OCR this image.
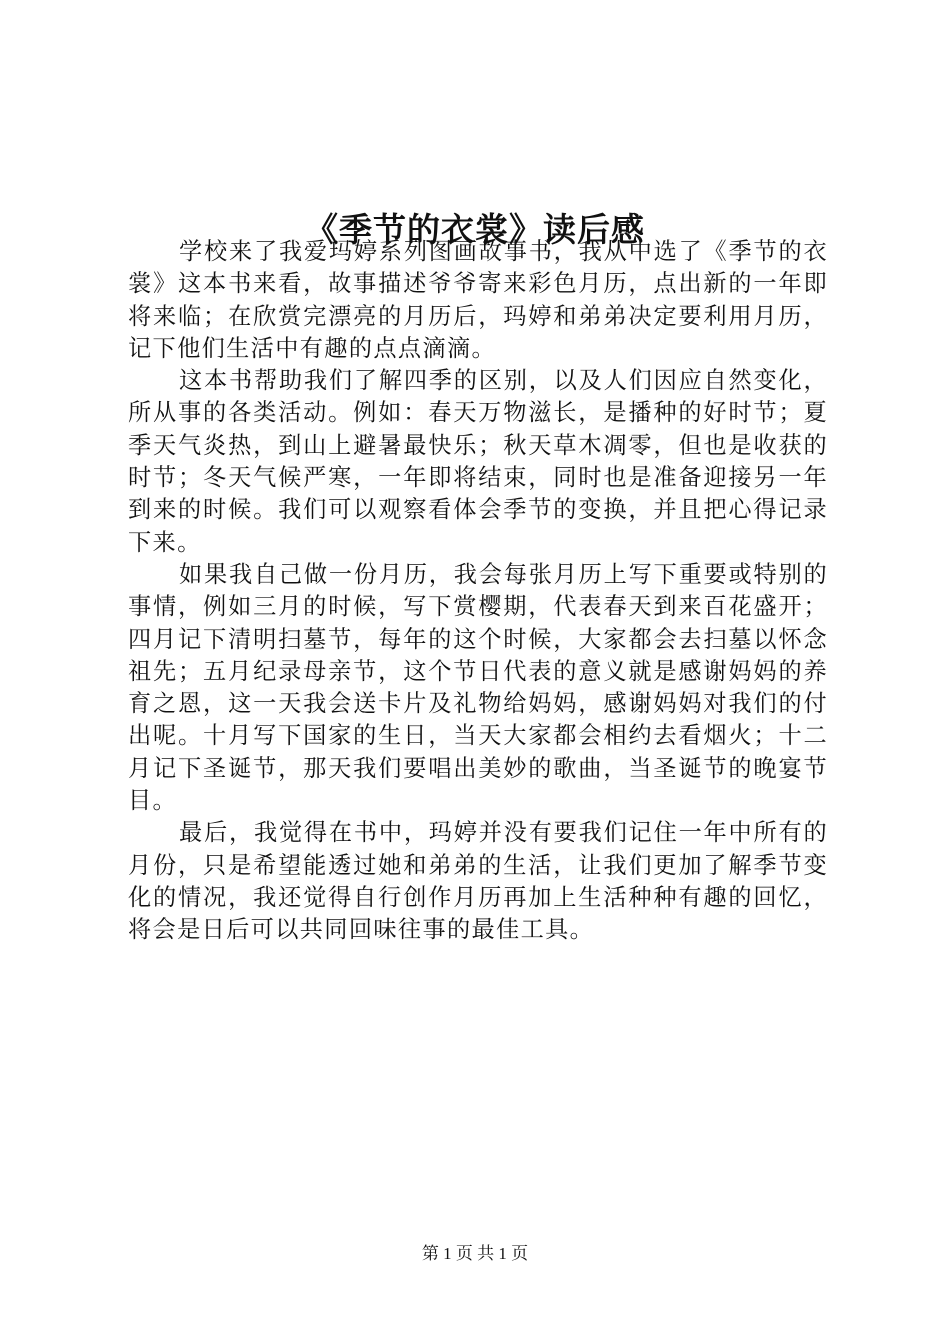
《季节的衣裳》读后感

学校来了我爱玛婷系列图画故事书，我从中选了《季节的衣裳》这本书来看，故事描述爷爷寄来彩色月历，点出新的一年即将来临；在欣赏完漂亮的月历后，玛婷和弟弟决定要利用月历，记下他们生活中有趣的点点滴滴。

这本书帮助我们了解四季的区别，以及人们因应自然变化，所从事的各类活动。例如：春天万物滋长，是播种的好时节；夏季天气炎热，到山上避暑最快乐；秋天草木凋零，但也是收获的时节；冬天气候严寒，一年即将结束，同时也是准备迎接另一年到来的时候。我们可以观察看体会季节的变换，并且把心得记录下来。

如果我自己做一份月历，我会每张月历上写下重要或特别的事情，例如三月的时候，写下赏樱期，代表春天到来百花盛开；四月记下清明扫墓节，每年的这个时候，大家都会去扫墓以怀念祖先；五月纪录母亲节，这个节日代表的意义就是感谢妈妈的养育之恩，这一天我会送卡片及礼物给妈妈，感谢妈妈对我们的付出呢。十月写下国家的生日，当天大家都会相约去看烟火；十二月记下圣诞节，那天我们要唱出美妙的歌曲，当圣诞节的晚宴节目。

最后，我觉得在书中，玛婷并没有要我们记住一年中所有的月份，只是希望能透过她和弟弟的生活，让我们更加了解季节变化的情况，我还觉得自行创作月历再加上生活种种有趣的回忆，将会是日后可以共同回味往事的最佳工具。

第 1 页 共 1 页
